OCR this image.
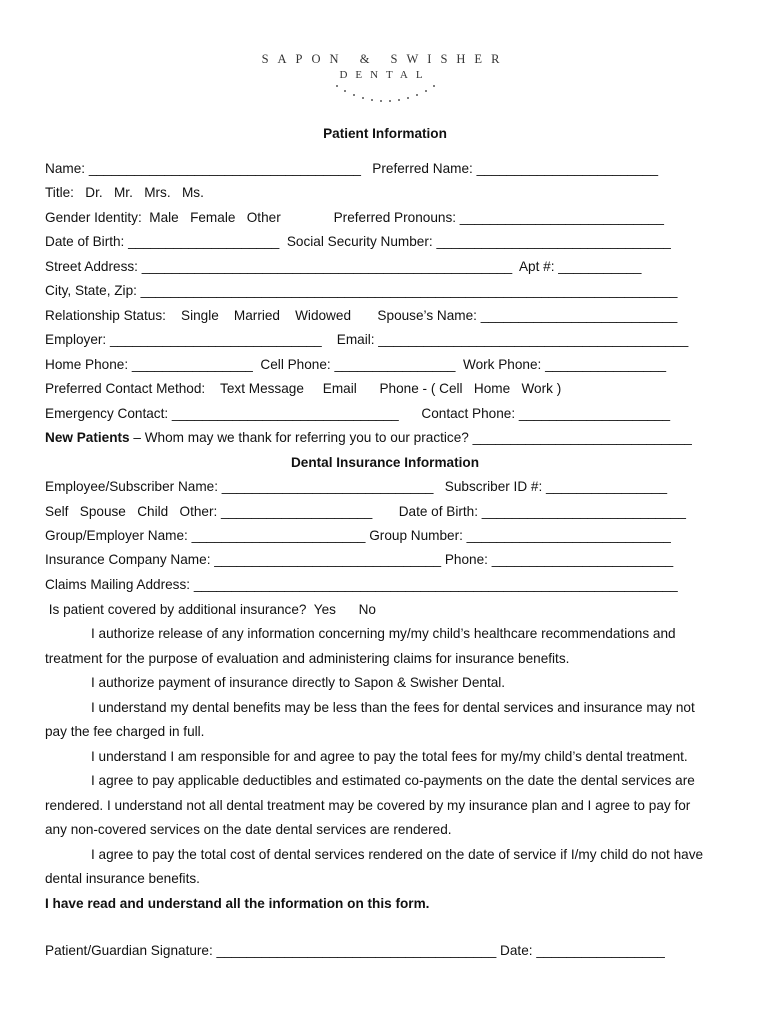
SAPON & SWISHER
DENTAL
Patient Information
Name: ____________________________________   Preferred Name: ________________________
Title:   Dr.   Mr.   Mrs.   Ms.
Gender Identity:  Male   Female   Other              Preferred Pronouns: ___________________________
Date of Birth: ____________________  Social Security Number: _______________________________
Street Address: _________________________________________________  Apt #: ___________
City, State, Zip: _______________________________________________________________________
Relationship Status:    Single    Married    Widowed       Spouse’s Name: __________________________
Employer: ____________________________    Email: _________________________________________
Home Phone: ________________  Cell Phone: ________________  Work Phone: ________________
Preferred Contact Method:    Text Message     Email      Phone - ( Cell   Home   Work )
Emergency Contact: ______________________________      Contact Phone: ____________________
New Patients – Whom may we thank for referring you to our practice? _____________________________
Dental Insurance Information
Employee/Subscriber Name: ____________________________   Subscriber ID #: ________________
Self   Spouse   Child   Other: ____________________       Date of Birth: ___________________________
Group/Employer Name: _______________________ Group Number: ___________________________
Insurance Company Name: ______________________________ Phone: ________________________
Claims Mailing Address: ________________________________________________________________
Is patient covered by additional insurance?  Yes      No
I authorize release of any information concerning my/my child’s healthcare recommendations and
treatment for the purpose of evaluation and administering claims for insurance benefits.
I authorize payment of insurance directly to Sapon & Swisher Dental.
I understand my dental benefits may be less than the fees for dental services and insurance may not
pay the fee charged in full.
I understand I am responsible for and agree to pay the total fees for my/my child’s dental treatment.
I agree to pay applicable deductibles and estimated co-payments on the date the dental services are
rendered. I understand not all dental treatment may be covered by my insurance plan and I agree to pay for
any non-covered services on the date dental services are rendered.
I agree to pay the total cost of dental services rendered on the date of service if I/my child do not have
dental insurance benefits.
I have read and understand all the information on this form.
Patient/Guardian Signature: _____________________________________ Date: _________________
